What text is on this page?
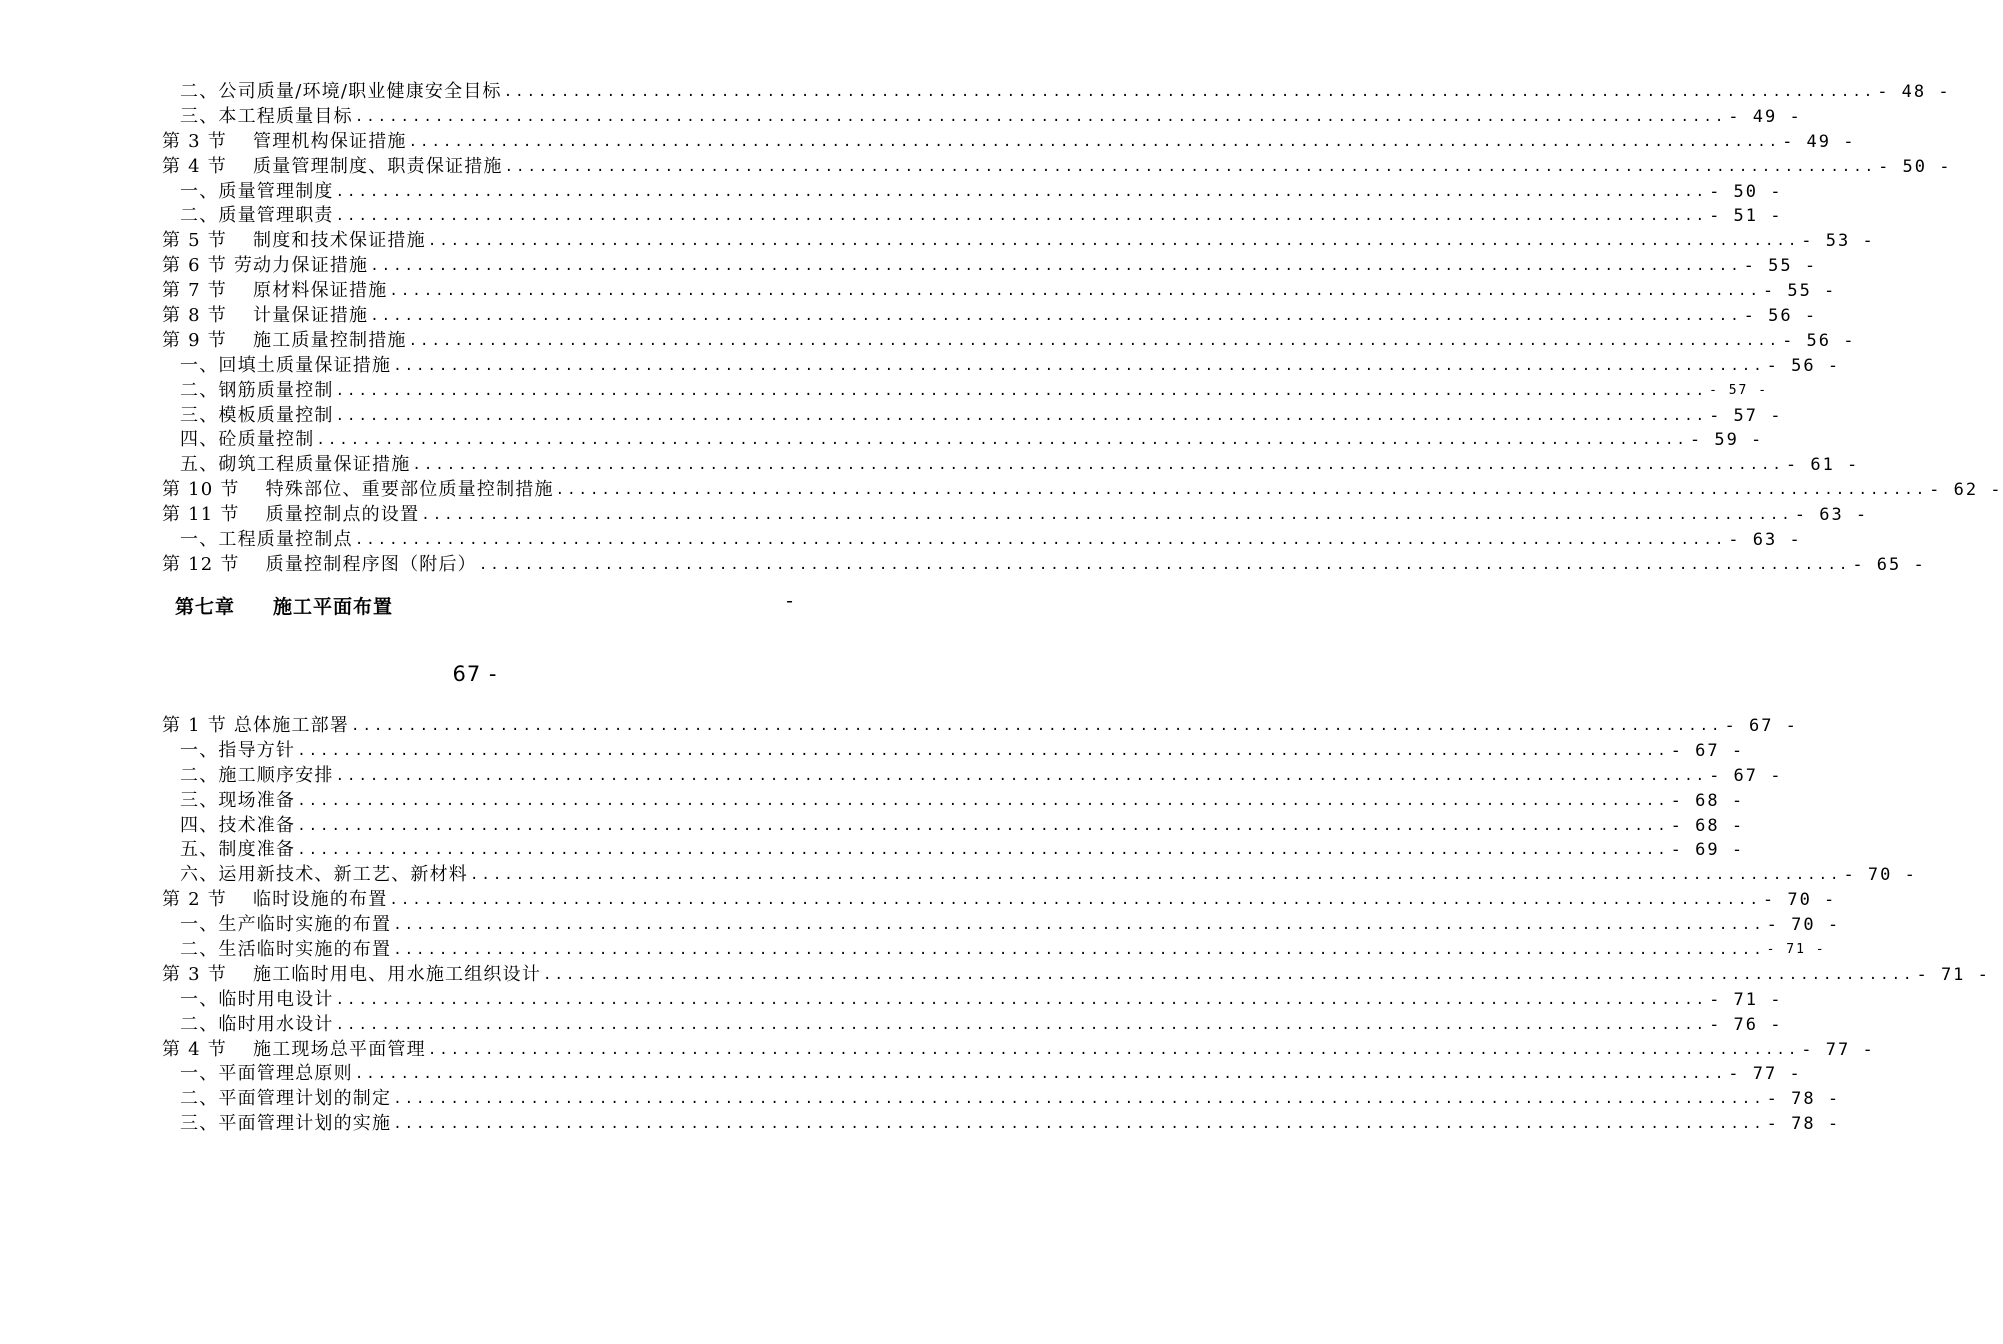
二、公司质量/环境/职业健康安全目标 ........................................................................................................................ - 48 -
三、本工程质量目标 ........................................................................................................................ - 49 -
第 3 节　 管理机构保证措施 ........................................................................................................................ - 49 -
第 4 节　 质量管理制度、职责保证措施 ........................................................................................................................ - 50 -
一、质量管理制度 ........................................................................................................................ - 50 -
二、质量管理职责 ........................................................................................................................ - 51 -
第 5 节　 制度和技术保证措施 ........................................................................................................................ - 53 -
第 6 节 劳动力保证措施 ........................................................................................................................ - 55 -
第 7 节　 原材料保证措施 ........................................................................................................................ - 55 -
第 8 节　 计量保证措施 ........................................................................................................................ - 56 -
第 9 节　 施工质量控制措施 ........................................................................................................................ - 56 -
一、回填土质量保证措施 ........................................................................................................................ - 56 -
二、钢筋质量控制 ........................................................................................................................ - 57 -
三、模板质量控制 ........................................................................................................................ - 57 -
四、砼质量控制 ........................................................................................................................ - 59 -
五、砌筑工程质量保证措施 ........................................................................................................................ - 61 -
第 10 节　 特殊部位、重要部位质量控制措施 ........................................................................................................................ - 62 -
第 11 节　 质量控制点的设置 ........................................................................................................................ - 63 -
一、工程质量控制点 ........................................................................................................................ - 63 -
第 12 节　 质量控制程序图（附后） ........................................................................................................................ - 65 -
第七章 施工平面布置	-
67 -
第 1 节 总体施工部署 ........................................................................................................................ - 67 -
一、指导方针 ........................................................................................................................ - 67 -
二、施工顺序安排 ........................................................................................................................ - 67 -
三、现场准备 ........................................................................................................................ - 68 -
四、技术准备 ........................................................................................................................ - 68 -
五、制度准备 ........................................................................................................................ - 69 -
六、运用新技术、新工艺、新材料 ........................................................................................................................ - 70 -
第 2 节　 临时设施的布置 ........................................................................................................................ - 70 -
一、生产临时实施的布置 ........................................................................................................................ - 70 -
二、生活临时实施的布置 ........................................................................................................................ - 71 -
第 3 节　 施工临时用电、用水施工组织设计 ........................................................................................................................ - 71 -
一、临时用电设计 ........................................................................................................................ - 71 -
二、临时用水设计 ........................................................................................................................ - 76 -
第 4 节　 施工现场总平面管理 ........................................................................................................................ - 77 -
一、平面管理总原则 ........................................................................................................................ - 77 -
二、平面管理计划的制定 ........................................................................................................................ - 78 -
三、平面管理计划的实施 ........................................................................................................................ - 78 -
